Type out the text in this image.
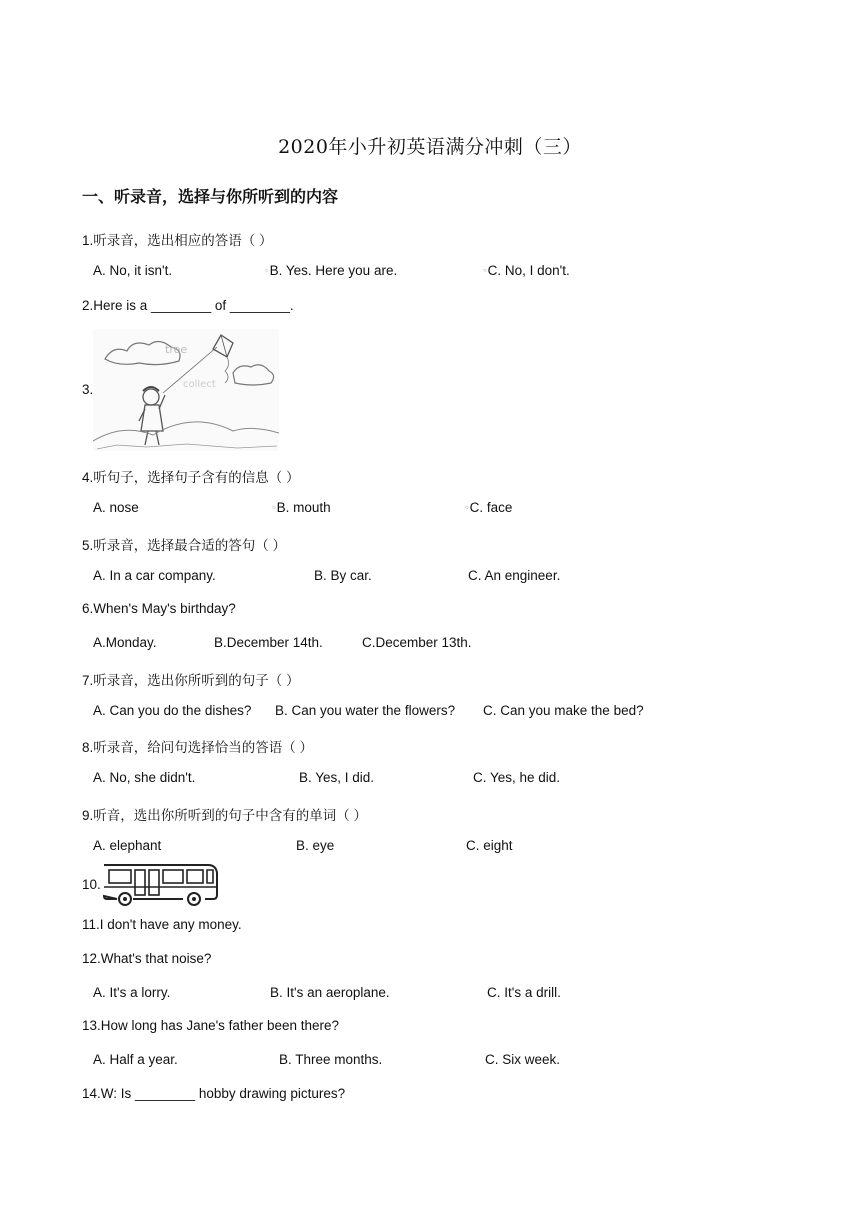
2020年小升初英语满分冲刺（三）
一、听录音，选择与你所听到的内容
1.听录音，选出相应的答语（ ）
A. No, it isn't.	○B. Yes. Here you are.	○C. No, I don't.
2.Here is a ________ of ________.
3.
tree
collect
4.听句子，选择句子含有的信息（ ）
A. nose	○B. mouth	○C. face
5.听录音，选择最合适的答句（ ）
A. In a car company.	B. By car.	C. An engineer.
6.When's May's birthday?
A.Monday.	B.December 14th.	C.December 13th.
7.听录音，选出你所听到的句子（ ）
A. Can you do the dishes? B. Can you water the flowers? C. Can you make the bed?
8.听录音，给问句选择恰当的答语（ ）
A. No, she didn't.	B. Yes, I did.	C. Yes, he did.
9.听音，选出你所听到的句子中含有的单词（ ）
A. elephant	B. eye	C. eight
10.
11.I don't have any money.
12.What's that noise?
A. It's a lorry.	B. It's an aeroplane.	C. It's a drill.
13.How long has Jane's father been there?
A. Half a year.	B. Three months.	C. Six week.
14.W: Is ________ hobby drawing pictures?
